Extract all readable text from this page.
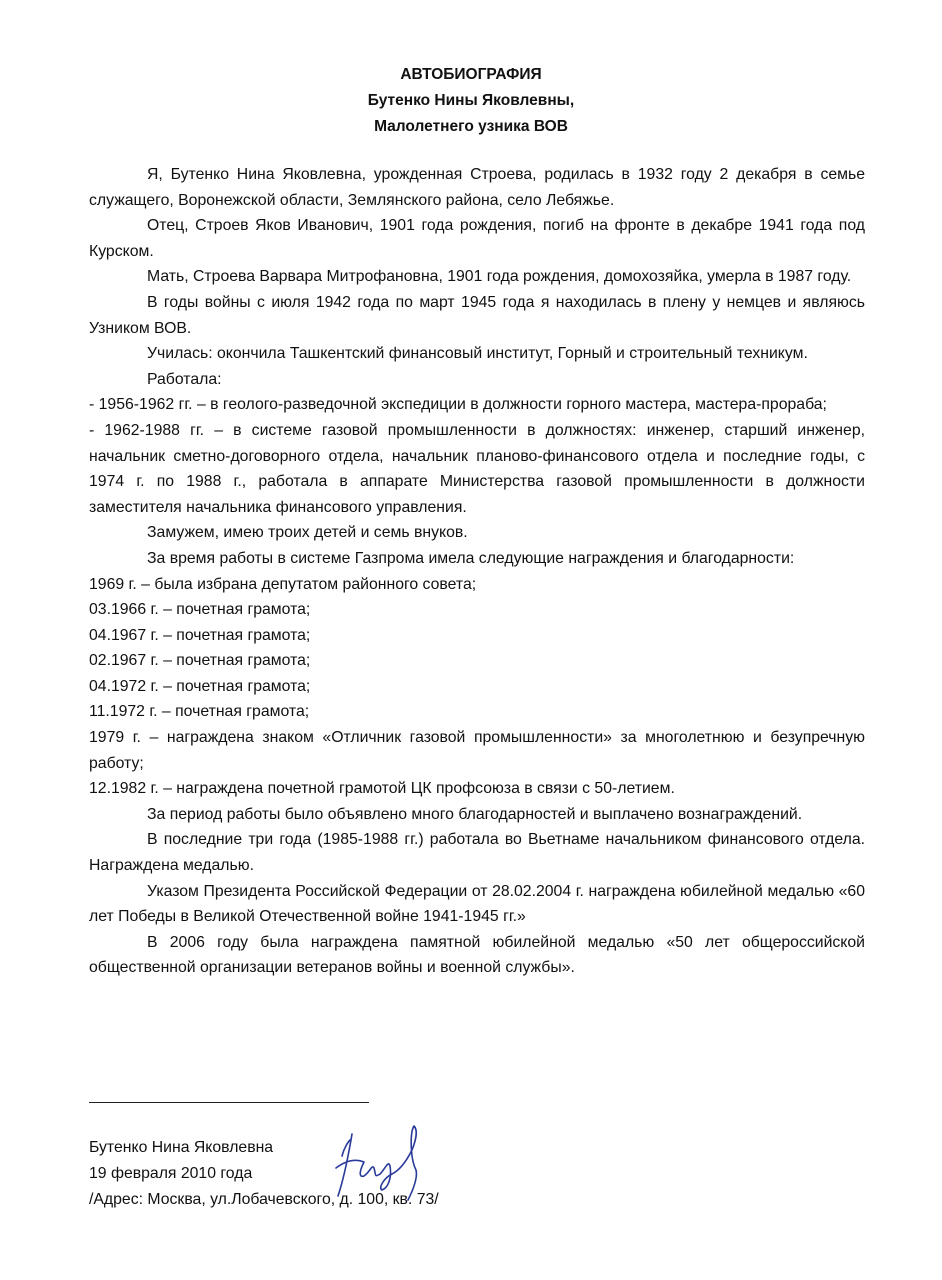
АВТОБИОГРАФИЯ
Бутенко Нины Яковлевны,
Малолетнего узника ВОВ

Я, Бутенко Нина Яковлевна, урожденная Строева, родилась в 1932 году 2 декабря в семье служащего, Воронежской области, Землянского района, село Лебяжье.

Отец, Строев Яков Иванович, 1901 года рождения, погиб на фронте в декабре 1941 года под Курском.

Мать, Строева Варвара Митрофановна, 1901 года рождения, домохозяйка, умерла в 1987 году.

В годы войны с июля 1942 года по март 1945 года я находилась в плену у немцев и являюсь Узником ВОВ.

Училась: окончила Ташкентский финансовый институт, Горный и строительный техникум.

Работала:

- 1956-1962 гг. – в геолого-разведочной экспедиции в должности горного мастера, мастера-прораба;

- 1962-1988 гг. – в системе газовой промышленности в должностях: инженер, старший инженер, начальник сметно-договорного отдела, начальник планово-финансового отдела и последние годы, с 1974 г. по 1988 г., работала в аппарате Министерства газовой промышленности в должности заместителя начальника финансового управления.

Замужем, имею троих детей и семь внуков.

За время работы в системе Газпрома имела следующие награждения и благодарности:

1969 г. – была избрана депутатом районного совета;

03.1966 г. – почетная грамота;

04.1967 г. – почетная грамота;

02.1967 г. – почетная грамота;

04.1972 г. – почетная грамота;

11.1972 г. – почетная грамота;

1979 г. – награждена знаком «Отличник газовой промышленности» за многолетнюю и безупречную работу;

12.1982 г. – награждена почетной грамотой ЦК профсоюза в связи с 50-летием.

За период работы было объявлено много благодарностей и выплачено вознаграждений.

В последние три года (1985-1988 гг.) работала во Вьетнаме начальником финансового отдела. Награждена медалью.

Указом Президента Российской Федерации от 28.02.2004 г. награждена юбилейной медалью «60 лет Победы в Великой Отечественной войне 1941-1945 гг.»

В 2006 году была награждена памятной юбилейной медалью «50 лет общероссийской общественной организации ветеранов войны и военной службы».

Бутенко Нина Яковлевна
19 февраля 2010 года
/Адрес: Москва, ул.Лобачевского, д. 100, кв. 73/
